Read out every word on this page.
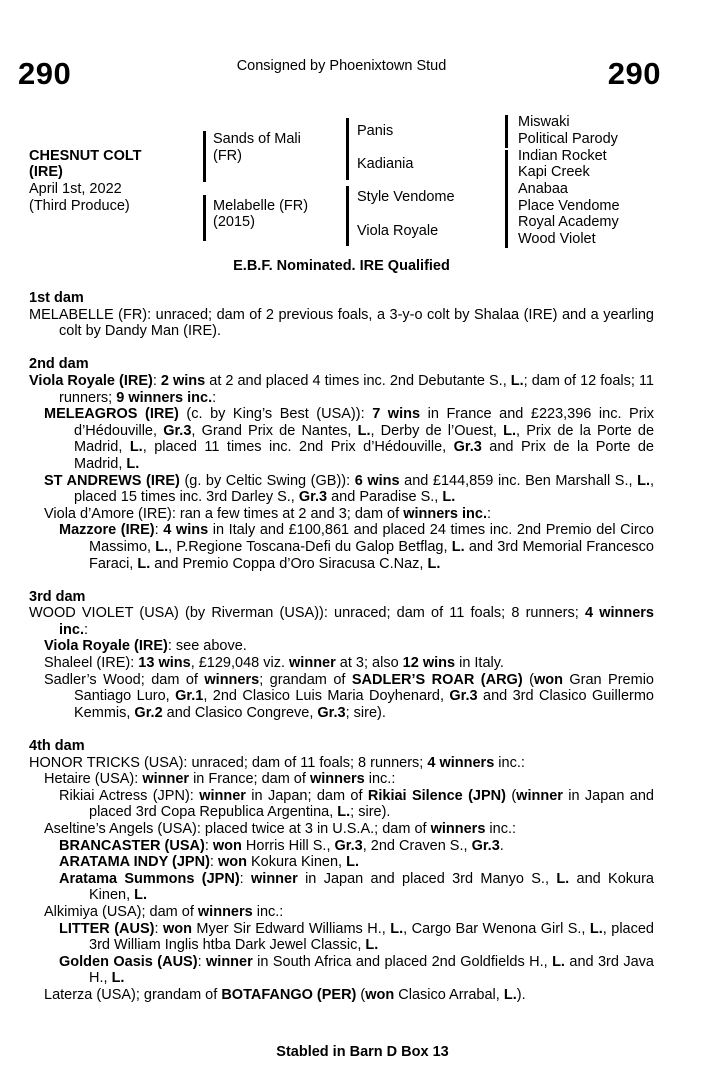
290	Consigned by Phoenixtown Stud	290
CHESNUT COLT
(IRE)
April 1st, 2022
(Third Produce)
Sands of Mali
(FR)
Melabelle (FR)
(2015)
Panis
Kadiania
Style Vendome
Viola Royale
Miswaki
Political Parody
Indian Rocket
Kapi Creek
Anabaa
Place Vendome
Royal Academy
Wood Violet
E.B.F. Nominated. IRE Qualified
1st dam
MELABELLE (FR): unraced; dam of 2 previous foals, a 3-y-o colt by Shalaa (IRE) and a yearling colt by Dandy Man (IRE).
2nd dam
Viola Royale (IRE): 2 wins at 2 and placed 4 times inc. 2nd Debutante S., L.; dam of 12 foals; 11 runners; 9 winners inc.:
MELEAGROS (IRE) (c. by King’s Best (USA)): 7 wins in France and £223,396 inc. Prix d’Hédouville, Gr.3, Grand Prix de Nantes, L., Derby de l’Ouest, L., Prix de la Porte de Madrid, L., placed 11 times inc. 2nd Prix d’Hédouville, Gr.3 and Prix de la Porte de Madrid, L.
ST ANDREWS (IRE) (g. by Celtic Swing (GB)): 6 wins and £144,859 inc. Ben Marshall S., L., placed 15 times inc. 3rd Darley S., Gr.3 and Paradise S., L.
Viola d’Amore (IRE): ran a few times at 2 and 3; dam of winners inc.:
Mazzore (IRE): 4 wins in Italy and £100,861 and placed 24 times inc. 2nd Premio del Circo Massimo, L., P.Regione Toscana-Defi du Galop Betflag, L. and 3rd Memorial Francesco Faraci, L. and Premio Coppa d’Oro Siracusa C.Naz, L.
3rd dam
WOOD VIOLET (USA) (by Riverman (USA)): unraced; dam of 11 foals; 8 runners; 4 winners inc.:
Viola Royale (IRE): see above.
Shaleel (IRE): 13 wins, £129,048 viz. winner at 3; also 12 wins in Italy.
Sadler’s Wood; dam of winners; grandam of SADLER’S ROAR (ARG) (won Gran Premio Santiago Luro, Gr.1, 2nd Clasico Luis Maria Doyhenard, Gr.3 and 3rd Clasico Guillermo Kemmis, Gr.2 and Clasico Congreve, Gr.3; sire).
4th dam
HONOR TRICKS (USA): unraced; dam of 11 foals; 8 runners; 4 winners inc.:
Hetaire (USA): winner in France; dam of winners inc.:
Rikiai Actress (JPN): winner in Japan; dam of Rikiai Silence (JPN) (winner in Japan and placed 3rd Copa Republica Argentina, L.; sire).
Aseltine’s Angels (USA): placed twice at 3 in U.S.A.; dam of winners inc.:
BRANCASTER (USA): won Horris Hill S., Gr.3, 2nd Craven S., Gr.3.
ARATAMA INDY (JPN): won Kokura Kinen, L.
Aratama Summons (JPN): winner in Japan and placed 3rd Manyo S., L. and Kokura Kinen, L.
Alkimiya (USA); dam of winners inc.:
LITTER (AUS): won Myer Sir Edward Williams H., L., Cargo Bar Wenona Girl S., L., placed 3rd William Inglis htba Dark Jewel Classic, L.
Golden Oasis (AUS): winner in South Africa and placed 2nd Goldfields H., L. and 3rd Java H., L.
Laterza (USA); grandam of BOTAFANGO (PER) (won Clasico Arrabal, L.).
Stabled in Barn D Box 13
